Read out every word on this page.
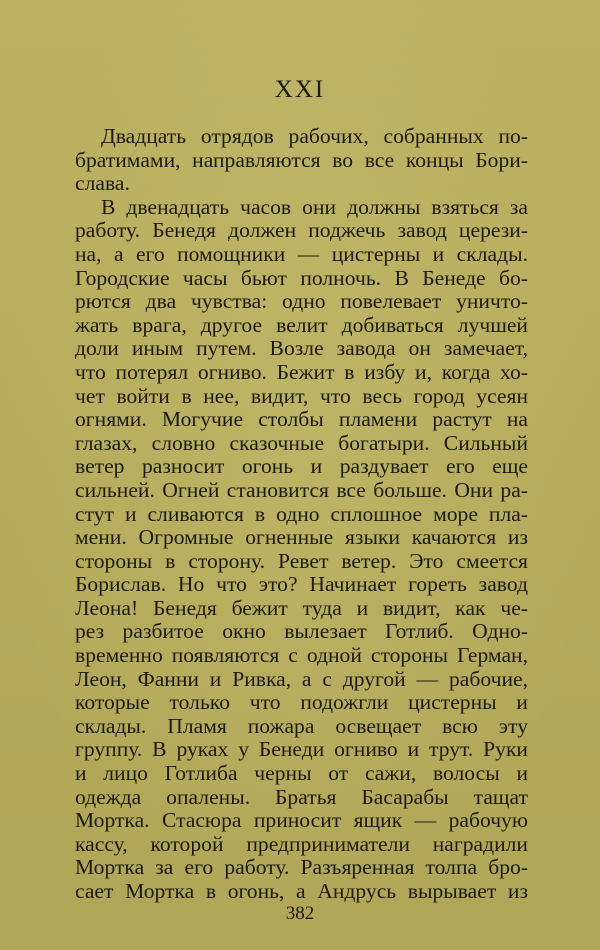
XXI

Двадцать отрядов рабочих, собранных по-
братимами, направляются во все концы Бори-
слава.

В двенадцать часов они должны взяться за
работу. Бенедя должен поджечь завод церези-
на, а его помощники — цистерны и склады.
Городские часы бьют полночь. В Бенеде бо-
рются два чувства: одно повелевает уничто-
жать врага, другое велит добиваться лучшей
доли иным путем. Возле завода он замечает,
что потерял огниво. Бежит в избу и, когда хо-
чет войти в нее, видит, что весь город усеян
огнями. Могучие столбы пламени растут на
глазах, словно сказочные богатыри. Сильный
ветер разносит огонь и раздувает его еще
сильней. Огней становится все больше. Они ра-
стут и сливаются в одно сплошное море пла-
мени. Огромные огненные языки качаются из
стороны в сторону. Ревет ветер. Это смеется
Борислав. Но что это? Начинает гореть завод
Леона! Бенедя бежит туда и видит, как че-
рез разбитое окно вылезает Готлиб. Одно-
временно появляются с одной стороны Герман,
Леон, Фанни и Ривка, а с другой — рабочие,
которые только что подожгли цистерны и
склады. Пламя пожара освещает всю эту
группу. В руках у Бенеди огниво и трут. Руки
и лицо Готлиба черны от сажи, волосы и
одежда опалены. Братья Басарабы тащат
Мортка. Стасюра приносит ящик — рабочую
кассу, которой предприниматели наградили
Мортка за его работу. Разъяренная толпа бро-
сает Мортка в огонь, а Андрусь вырывает из

382
